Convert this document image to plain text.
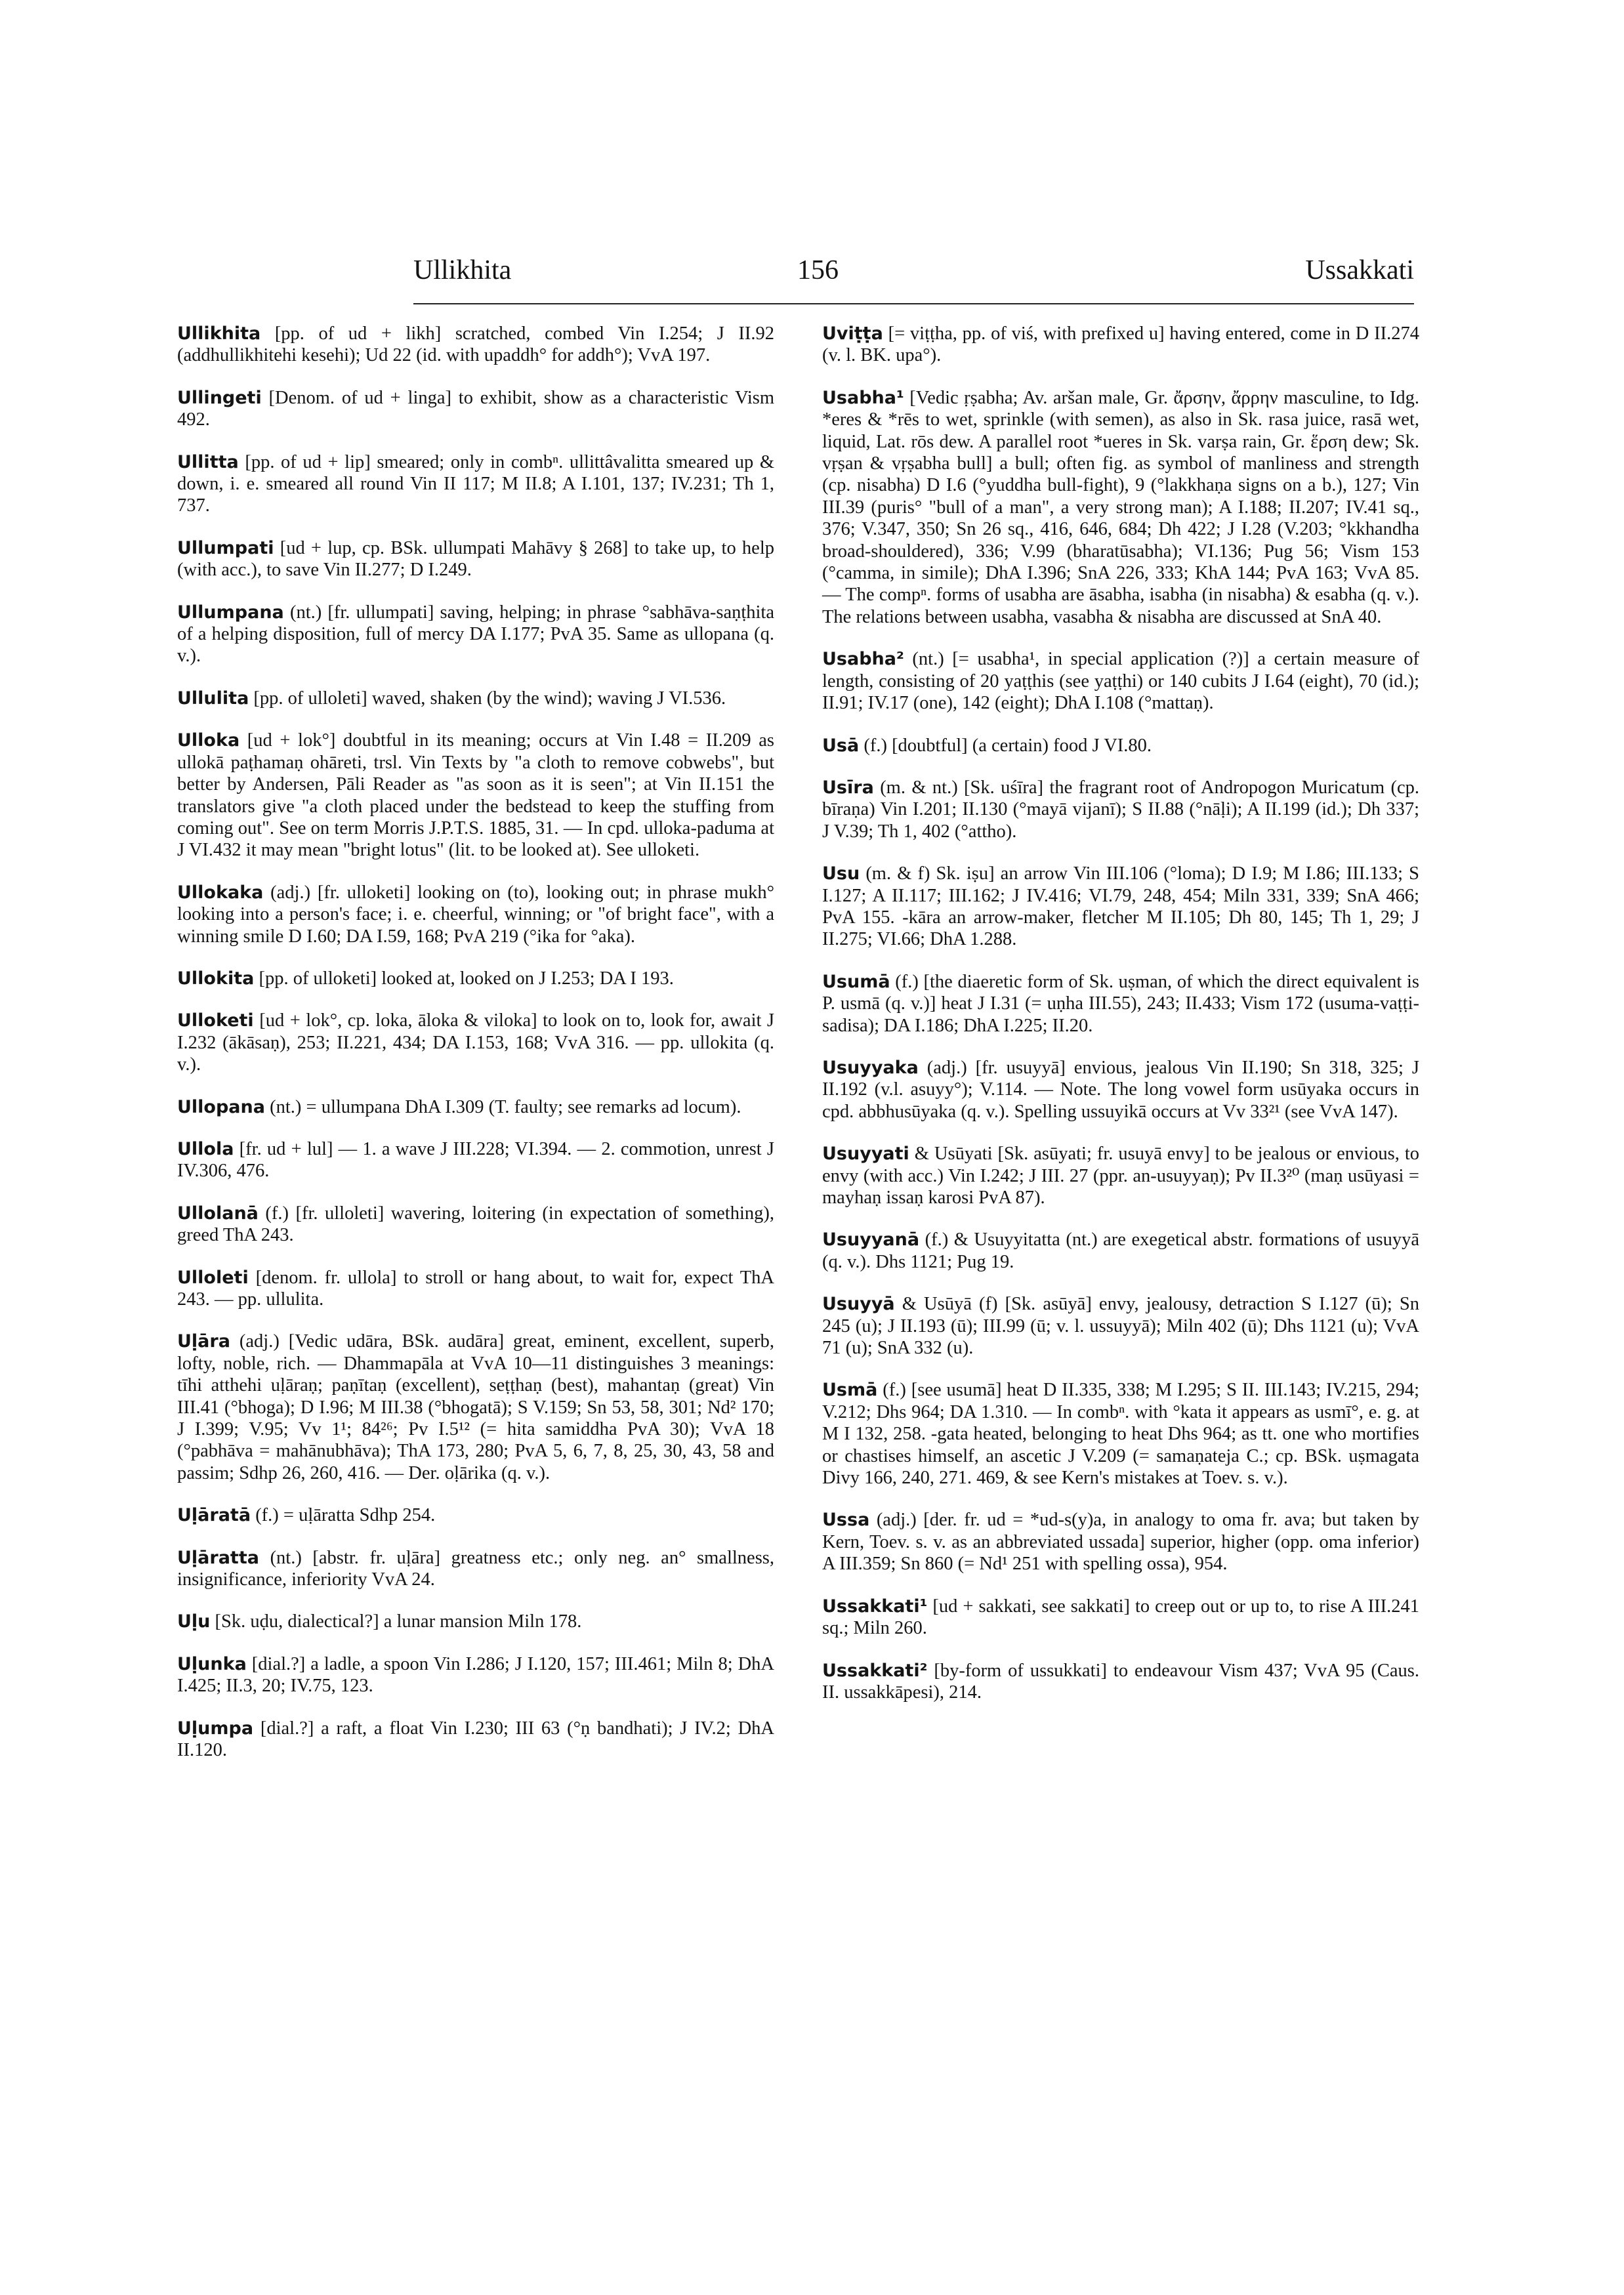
Ullikhita	156	Ussakkati

Ullikhita [pp. of ud + likh] scratched, combed Vin I.254; J II.92 (addhullikhitehi kesehi); Ud 22 (id. with upaddh° for addh°); VvA 197.

Ullingeti [Denom. of ud + linga] to exhibit, show as a characteristic Vism 492.

Ullitta [pp. of ud + lip] smeared; only in combⁿ. ullittâvalitta smeared up & down, i. e. smeared all round Vin II 117; M II.8; A I.101, 137; IV.231; Th 1, 737.

Ullumpati [ud + lup, cp. BSk. ullumpati Mahāvy § 268] to take up, to help (with acc.), to save Vin II.277; D I.249.

Ullumpana (nt.) [fr. ullumpati] saving, helping; in phrase °sabhāva-saṇṭhita of a helping disposition, full of mercy DA I.177; PvA 35. Same as ullopana (q. v.).

Ullulita [pp. of ulloleti] waved, shaken (by the wind); waving J VI.536.

Ulloka [ud + lok°] doubtful in its meaning; occurs at Vin I.48 = II.209 as ullokā paṭhamaṇ ohāreti, trsl. Vin Texts by "a cloth to remove cobwebs", but better by Andersen, Pāli Reader as "as soon as it is seen"; at Vin II.151 the translators give "a cloth placed under the bedstead to keep the stuffing from coming out". See on term Morris J.P.T.S. 1885, 31. — In cpd. ulloka-paduma at J VI.432 it may mean "bright lotus" (lit. to be looked at). See ulloketi.

Ullokaka (adj.) [fr. ulloketi] looking on (to), looking out; in phrase mukh° looking into a person's face; i. e. cheerful, winning; or "of bright face", with a winning smile D I.60; DA I.59, 168; PvA 219 (°ika for °aka).

Ullokita [pp. of ulloketi] looked at, looked on J I.253; DA I 193.

Ulloketi [ud + lok°, cp. loka, āloka & viloka] to look on to, look for, await J I.232 (ākāsaṇ), 253; II.221, 434; DA I.153, 168; VvA 316. — pp. ullokita (q. v.).

Ullopana (nt.) = ullumpana DhA I.309 (T. faulty; see remarks ad locum).

Ullola [fr. ud + lul] — 1. a wave J III.228; VI.394. — 2. commotion, unrest J IV.306, 476.

Ullolanā (f.) [fr. ulloleti] wavering, loitering (in expectation of something), greed ThA 243.

Ulloleti [denom. fr. ullola] to stroll or hang about, to wait for, expect ThA 243. — pp. ullulita.

Uḷāra (adj.) [Vedic udāra, BSk. audāra] great, eminent, excellent, superb, lofty, noble, rich. — Dhammapāla at VvA 10—11 distinguishes 3 meanings: tīhi atthehi uḷāraṇ; paṇītaṇ (excellent), seṭṭhaṇ (best), mahantaṇ (great) Vin III.41 (°bhoga); D I.96; M III.38 (°bhogatā); S V.159; Sn 53, 58, 301; Nd² 170; J I.399; V.95; Vv 1¹; 84²⁶; Pv I.5¹² (= hita samiddha PvA 30); VvA 18 (°pabhāva = mahānubhāva); ThA 173, 280; PvA 5, 6, 7, 8, 25, 30, 43, 58 and passim; Sdhp 26, 260, 416. — Der. oḷārika (q. v.).

Uḷāratā (f.) = uḷāratta Sdhp 254.

Uḷāratta (nt.) [abstr. fr. uḷāra] greatness etc.; only neg. an° smallness, insignificance, inferiority VvA 24.

Uḷu [Sk. uḍu, dialectical?] a lunar mansion Miln 178.

Uḷunka [dial.?] a ladle, a spoon Vin I.286; J I.120, 157; III.461; Miln 8; DhA I.425; II.3, 20; IV.75, 123.

Uḷumpa [dial.?] a raft, a float Vin I.230; III 63 (°ṇ bandhati); J IV.2; DhA II.120.

Uviṭṭa [= viṭṭha, pp. of viś, with prefixed u] having entered, come in D II.274 (v. l. BK. upa°).

Usabha¹ [Vedic ṛṣabha; Av. aršan male, Gr. ἄρσην, ἄρρην masculine, to Idg. *eres & *rēs to wet, sprinkle (with semen), as also in Sk. rasa juice, rasā wet, liquid, Lat. rōs dew. A parallel root *ueres in Sk. varṣa rain, Gr. ἕρση dew; Sk. vṛṣan & vṛṣabha bull] a bull; often fig. as symbol of manliness and strength (cp. nisabha) D I.6 (°yuddha bull-fight), 9 (°lakkhaṇa signs on a b.), 127; Vin III.39 (puris° "bull of a man", a very strong man); A I.188; II.207; IV.41 sq., 376; V.347, 350; Sn 26 sq., 416, 646, 684; Dh 422; J I.28 (V.203; °kkhandha broad-shouldered), 336; V.99 (bharatūsabha); VI.136; Pug 56; Vism 153 (°camma, in simile); DhA I.396; SnA 226, 333; KhA 144; PvA 163; VvA 85. — The compⁿ. forms of usabha are āsabha, isabha (in nisabha) & esabha (q. v.). The relations between usabha, vasabha & nisabha are discussed at SnA 40.

Usabha² (nt.) [= usabha¹, in special application (?)] a certain measure of length, consisting of 20 yaṭṭhis (see yaṭṭhi) or 140 cubits J I.64 (eight), 70 (id.); II.91; IV.17 (one), 142 (eight); DhA I.108 (°mattaṇ).

Usā (f.) [doubtful] (a certain) food J VI.80.

Usīra (m. & nt.) [Sk. uśīra] the fragrant root of Andropogon Muricatum (cp. bīraṇa) Vin I.201; II.130 (°mayā vijanī); S II.88 (°nāḷi); A II.199 (id.); Dh 337; J V.39; Th 1, 402 (°attho).

Usu (m. & f) Sk. iṣu] an arrow Vin III.106 (°loma); D I.9; M I.86; III.133; S I.127; A II.117; III.162; J IV.416; VI.79, 248, 454; Miln 331, 339; SnA 466; PvA 155. -kāra an arrow-maker, fletcher M II.105; Dh 80, 145; Th 1, 29; J II.275; VI.66; DhA 1.288.

Usumā (f.) [the diaeretic form of Sk. uṣman, of which the direct equivalent is P. usmā (q. v.)] heat J I.31 (= uṇha III.55), 243; II.433; Vism 172 (usuma-vaṭṭi-sadisa); DA I.186; DhA I.225; II.20.

Usuyyaka (adj.) [fr. usuyyā] envious, jealous Vin II.190; Sn 318, 325; J II.192 (v.l. asuyy°); V.114. — Note. The long vowel form usūyaka occurs in cpd. abbhusūyaka (q. v.). Spelling ussuyikā occurs at Vv 33²¹ (see VvA 147).

Usuyyati & Usūyati [Sk. asūyati; fr. usuyā envy] to be jealous or envious, to envy (with acc.) Vin I.242; J III. 27 (ppr. an-usuyyaṇ); Pv II.3²⁰ (maṇ usūyasi = mayhaṇ issaṇ karosi PvA 87).

Usuyyanā (f.) & Usuyyitatta (nt.) are exegetical abstr. formations of usuyyā (q. v.). Dhs 1121; Pug 19.

Usuyyā & Usūyā (f) [Sk. asūyā] envy, jealousy, detraction S I.127 (ū); Sn 245 (u); J II.193 (ū); III.99 (ū; v. l. ussuyyā); Miln 402 (ū); Dhs 1121 (u); VvA 71 (u); SnA 332 (u).

Usmā (f.) [see usumā] heat D II.335, 338; M I.295; S II. III.143; IV.215, 294; V.212; Dhs 964; DA 1.310. — In combⁿ. with °kata it appears as usmī°, e. g. at M I 132, 258. -gata heated, belonging to heat Dhs 964; as tt. one who mortifies or chastises himself, an ascetic J V.209 (= samaṇateja C.; cp. BSk. uṣmagata Divy 166, 240, 271. 469, & see Kern's mistakes at Toev. s. v.).

Ussa (adj.) [der. fr. ud = *ud-s(y)a, in analogy to oma fr. ava; but taken by Kern, Toev. s. v. as an abbreviated ussada] superior, higher (opp. oma inferior) A III.359; Sn 860 (= Nd¹ 251 with spelling ossa), 954.

Ussakkati¹ [ud + sakkati, see sakkati] to creep out or up to, to rise A III.241 sq.; Miln 260.

Ussakkati² [by-form of ussukkati] to endeavour Vism 437; VvA 95 (Caus. II. ussakkāpesi), 214.
